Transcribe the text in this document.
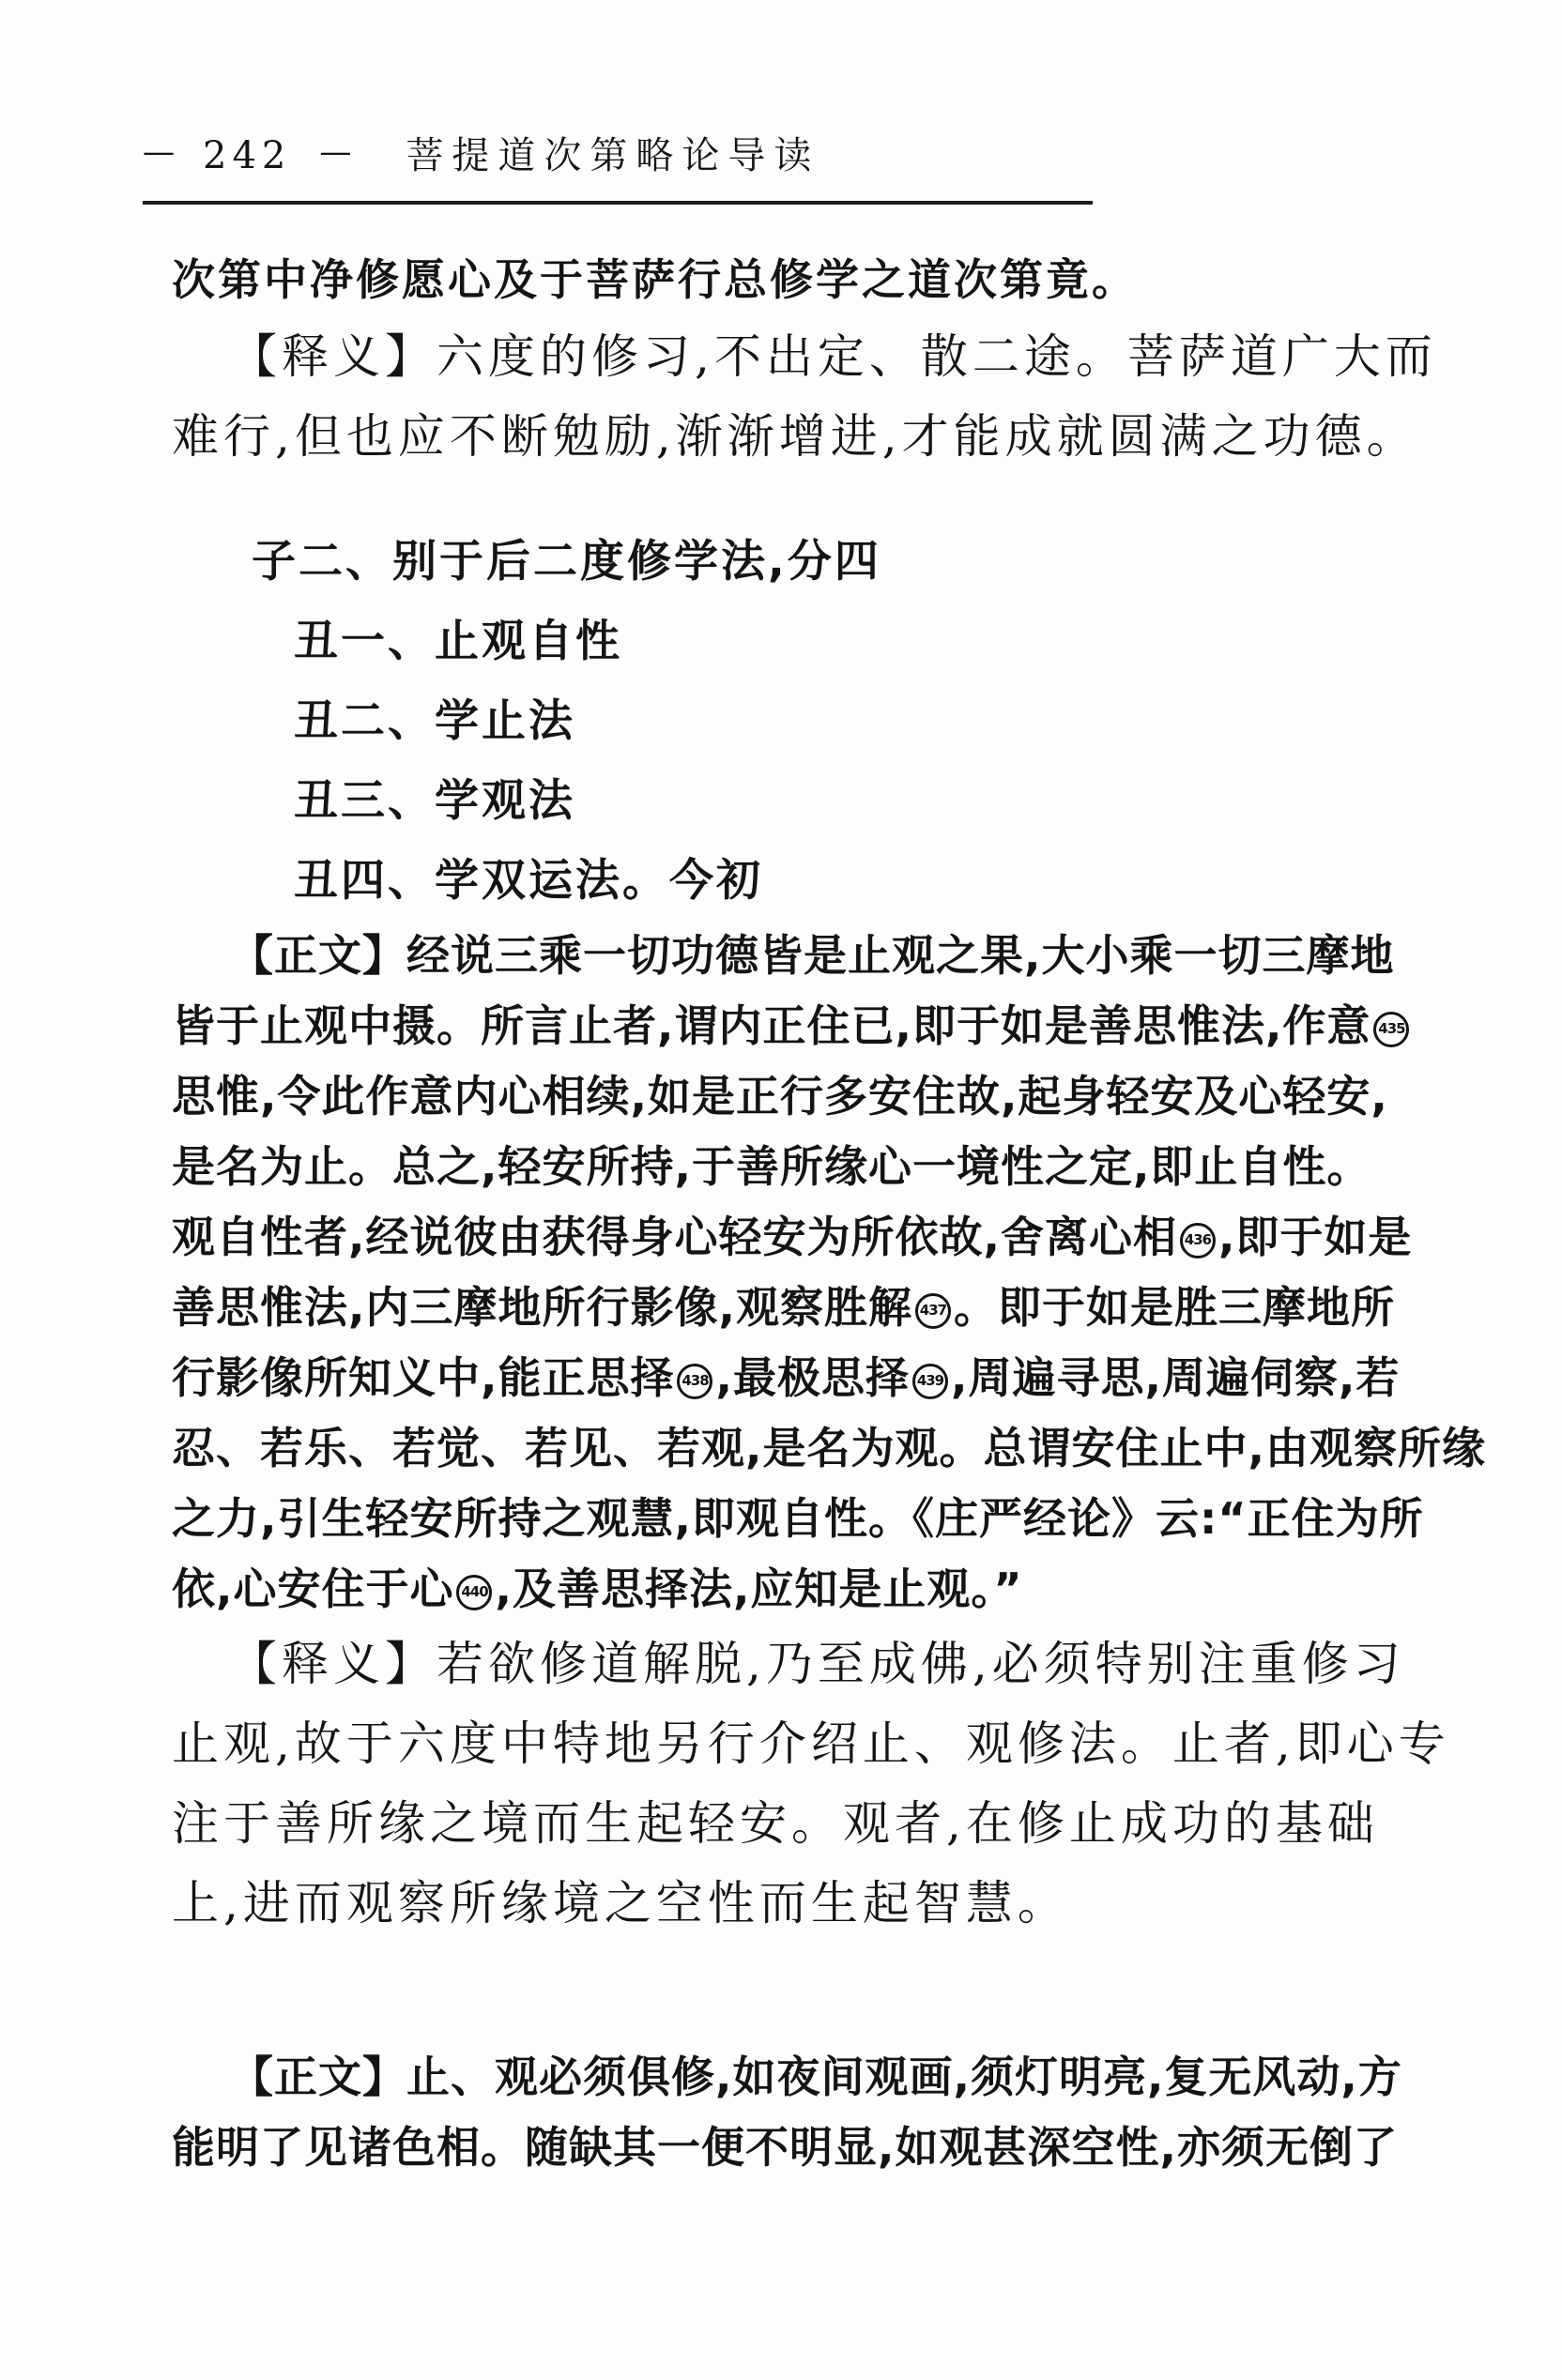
— 242 — 菩提道次第略论导读
次第中净修愿心及于菩萨行总修学之道次第竟。
【释义】六度的修习,不出定、散二途。菩萨道广大而
难行,但也应不断勉励,渐渐增进,才能成就圆满之功德。
子二、别于后二度修学法,分四
丑一、止观自性
丑二、学止法
丑三、学观法
丑四、学双运法。今初
【正文】经说三乘一切功德皆是止观之果,大小乘一切三摩地
皆于止观中摄。所言止者,谓内正住已,即于如是善思惟法,作意 435
思惟,令此作意内心相续,如是正行多安住故,起身轻安及心轻安,
是名为止。总之,轻安所持,于善所缘心一境性之定,即止自性。
观自性者,经说彼由获得身心轻安为所依故,舍离心相 436 ,即于如是
善思惟法,内三摩地所行影像,观察胜解 437 。即于如是胜三摩地所
行影像所知义中,能正思择 438 ,最极思择 439 ,周遍寻思,周遍伺察,若
忍、若乐、若觉、若见、若观,是名为观。总谓安住止中,由观察所缘
之力,引生轻安所持之观慧,即观自性。《庄严经论》云:“正住为所
依,心安住于心 440 ,及善思择法,应知是止观。”
【释义】若欲修道解脱,乃至成佛,必须特别注重修习
止观,故于六度中特地另行介绍止、观修法。止者,即心专
注于善所缘之境而生起轻安。观者,在修止成功的基础
上,进而观察所缘境之空性而生起智慧。
【正文】止、观必须俱修,如夜间观画,须灯明亮,复无风动,方
能明了见诸色相。随缺其一便不明显,如观甚深空性,亦须无倒了
